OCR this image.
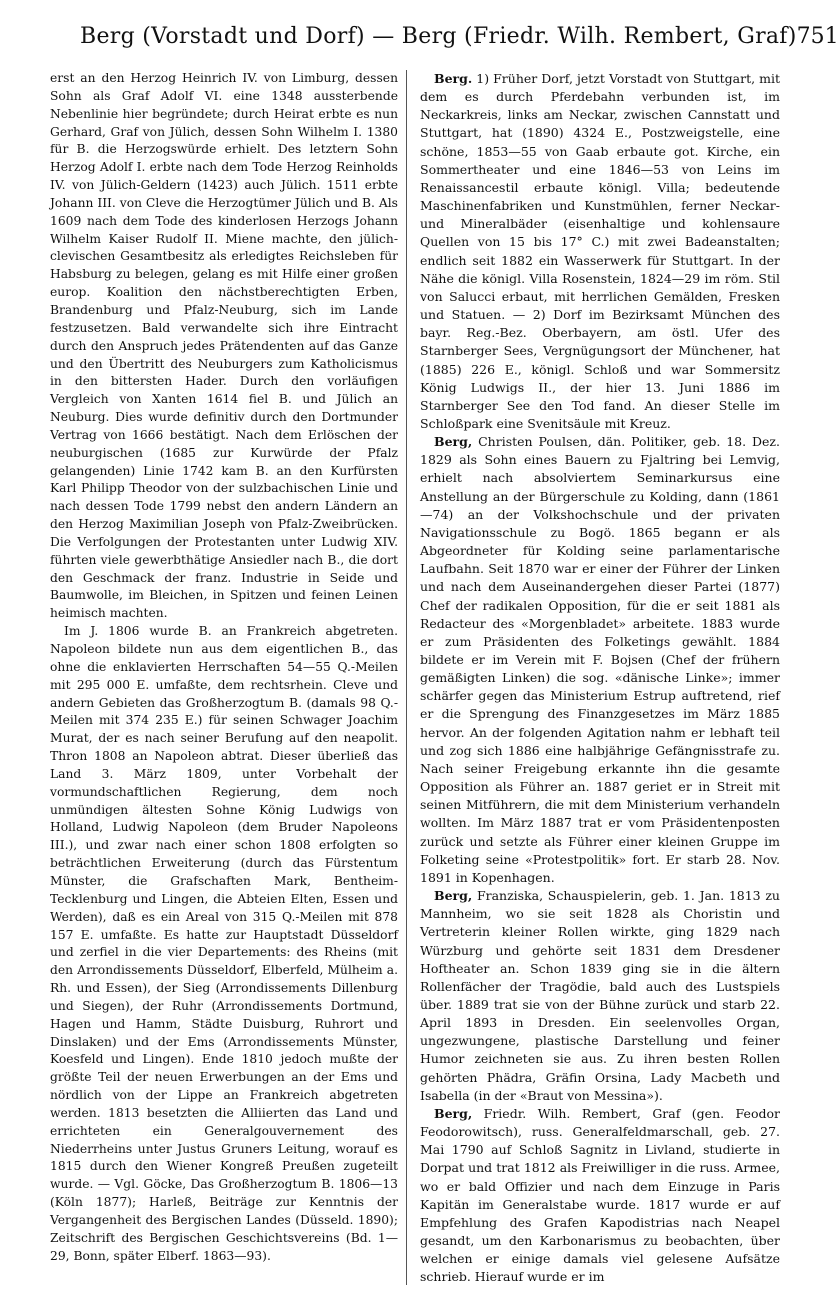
Berg (Vorstadt und Dorf) — Berg (Friedr. Wilh. Rembert, Graf) 751

erst an den Herzog Heinrich IV. von Limburg, dessen Sohn als Graf Adolf VI. eine 1348 aussterbende Nebenlinie hier begründete; durch Heirat erbte es nun Gerhard, Graf von Jülich, dessen Sohn Wilhelm I. 1380 für B. die Herzogswürde erhielt. Des letztern Sohn Herzog Adolf I. erbte nach dem Tode Herzog Reinholds IV. von Jülich-Geldern (1423) auch Jülich. 1511 erbte Johann III. von Cleve die Herzogtümer Jülich und B. Als 1609 nach dem Tode des kinderlosen Herzogs Johann Wilhelm Kaiser Rudolf II. Miene machte, den jülich-clevischen Gesamtbesitz als erledigtes Reichsleben für Habsburg zu belegen, gelang es mit Hilfe einer großen europ. Koalition den nächstberechtigten Erben, Brandenburg und Pfalz-Neuburg, sich im Lande festzusetzen. Bald verwandelte sich ihre Eintracht durch den Anspruch jedes Prätendenten auf das Ganze und den Übertritt des Neuburgers zum Katholicismus in den bittersten Hader. Durch den vorläufigen Vergleich von Xanten 1614 fiel B. und Jülich an Neuburg. Dies wurde definitiv durch den Dortmunder Vertrag von 1666 bestätigt. Nach dem Erlöschen der neuburgischen (1685 zur Kurwürde der Pfalz gelangenden) Linie 1742 kam B. an den Kurfürsten Karl Philipp Theodor von der sulzbachischen Linie und nach dessen Tode 1799 nebst den andern Ländern an den Herzog Maximilian Joseph von Pfalz-Zweibrücken. Die Verfolgungen der Protestanten unter Ludwig XIV. führten viele gewerbthätige Ansiedler nach B., die dort den Geschmack der franz. Industrie in Seide und Baumwolle, im Bleichen, in Spitzen und feinen Leinen heimisch machten.

Im J. 1806 wurde B. an Frankreich abgetreten. Napoleon bildete nun aus dem eigentlichen B., das ohne die enklavierten Herrschaften 54—55 Q.-Meilen mit 295 000 E. umfaßte, dem rechtsrhein. Cleve und andern Gebieten das Großherzogtum B. (damals 98 Q.-Meilen mit 374 235 E.) für seinen Schwager Joachim Murat, der es nach seiner Berufung auf den neapolit. Thron 1808 an Napoleon abtrat. Dieser überließ das Land 3. März 1809, unter Vorbehalt der vormundschaftlichen Regierung, dem noch unmündigen ältesten Sohne König Ludwigs von Holland, Ludwig Napoleon (dem Bruder Napoleons III.), und zwar nach einer schon 1808 erfolgten so beträchtlichen Erweiterung (durch das Fürstentum Münster, die Grafschaften Mark, Bentheim-Tecklenburg und Lingen, die Abteien Elten, Essen und Werden), daß es ein Areal von 315 Q.-Meilen mit 878 157 E. umfaßte. Es hatte zur Hauptstadt Düsseldorf und zerfiel in die vier Departements: des Rheins (mit den Arrondissements Düsseldorf, Elberfeld, Mülheim a. Rh. und Essen), der Sieg (Arrondissements Dillenburg und Siegen), der Ruhr (Arrondissements Dortmund, Hagen und Hamm, Städte Duisburg, Ruhrort und Dinslaken) und der Ems (Arrondissements Münster, Koesfeld und Lingen). Ende 1810 jedoch mußte der größte Teil der neuen Erwerbungen an der Ems und nördlich von der Lippe an Frankreich abgetreten werden. 1813 besetzten die Alliierten das Land und errichteten ein Generalgouvernement des Niederrheins unter Justus Gruners Leitung, worauf es 1815 durch den Wiener Kongreß Preußen zugeteilt wurde. — Vgl. Göcke, Das Großherzogtum B. 1806—13 (Köln 1877); Harleß, Beiträge zur Kenntnis der Vergangenheit des Bergischen Landes (Düsseld. 1890); Zeitschrift des Bergischen Geschichtsvereins (Bd. 1—29, Bonn, später Elberf. 1863—93).

Berg. 1) Früher Dorf, jetzt Vorstadt von Stuttgart, mit dem es durch Pferdebahn verbunden ist, im Neckarkreis, links am Neckar, zwischen Cannstatt und Stuttgart, hat (1890) 4324 E., Postzweigstelle, eine schöne, 1853—55 von Gaab erbaute got. Kirche, ein Sommertheater und eine 1846—53 von Leins im Renaissancestil erbaute königl. Villa; bedeutende Maschinenfabriken und Kunstmühlen, ferner Neckar- und Mineralbäder (eisenhaltige und kohlensaure Quellen von 15 bis 17° C.) mit zwei Badeanstalten; endlich seit 1882 ein Wasserwerk für Stuttgart. In der Nähe die königl. Villa Rosenstein, 1824—29 im röm. Stil von Salucci erbaut, mit herrlichen Gemälden, Fresken und Statuen. — 2) Dorf im Bezirksamt München des bayr. Reg.-Bez. Oberbayern, am östl. Ufer des Starnberger Sees, Vergnügungsort der Münchener, hat (1885) 226 E., königl. Schloß und war Sommersitz König Ludwigs II., der hier 13. Juni 1886 im Starnberger See den Tod fand. An dieser Stelle im Schloßpark eine Svenitsäule mit Kreuz.

Berg, Christen Poulsen, dän. Politiker, geb. 18. Dez. 1829 als Sohn eines Bauern zu Fjaltring bei Lemvig, erhielt nach absolviertem Seminarkursus eine Anstellung an der Bürgerschule zu Kolding, dann (1861—74) an der Volkshochschule und der privaten Navigationsschule zu Bogö. 1865 begann er als Abgeordneter für Kolding seine parlamentarische Laufbahn. Seit 1870 war er einer der Führer der Linken und nach dem Auseinandergehen dieser Partei (1877) Chef der radikalen Opposition, für die er seit 1881 als Redacteur des «Morgenbladet» arbeitete. 1883 wurde er zum Präsidenten des Folketings gewählt. 1884 bildete er im Verein mit F. Bojsen (Chef der frühern gemäßigten Linken) die sog. «dänische Linke»; immer schärfer gegen das Ministerium Estrup auftretend, rief er die Sprengung des Finanzgesetzes im März 1885 hervor. An der folgenden Agitation nahm er lebhaft teil und zog sich 1886 eine halbjährige Gefängnisstrafe zu. Nach seiner Freigebung erkannte ihn die gesamte Opposition als Führer an. 1887 geriet er in Streit mit seinen Mitführern, die mit dem Ministerium verhandeln wollten. Im März 1887 trat er vom Präsidentenposten zurück und setzte als Führer einer kleinen Gruppe im Folketing seine «Protestpolitik» fort. Er starb 28. Nov. 1891 in Kopenhagen.

Berg, Franziska, Schauspielerin, geb. 1. Jan. 1813 zu Mannheim, wo sie seit 1828 als Choristin und Vertreterin kleiner Rollen wirkte, ging 1829 nach Würzburg und gehörte seit 1831 dem Dresdener Hoftheater an. Schon 1839 ging sie in die ältern Rollenfächer der Tragödie, bald auch des Lustspiels über. 1889 trat sie von der Bühne zurück und starb 22. April 1893 in Dresden. Ein seelenvolles Organ, ungezwungene, plastische Darstellung und feiner Humor zeichneten sie aus. Zu ihren besten Rollen gehörten Phädra, Gräfin Orsina, Lady Macbeth und Isabella (in der «Braut von Messina»).

Berg, Friedr. Wilh. Rembert, Graf (gen. Feodor Feodorowitsch), russ. Generalfeldmarschall, geb. 27. Mai 1790 auf Schloß Sagnitz in Livland, studierte in Dorpat und trat 1812 als Freiwilliger in die russ. Armee, wo er bald Offizier und nach dem Einzuge in Paris Kapitän im Generalstabe wurde. 1817 wurde er auf Empfehlung des Grafen Kapodistrias nach Neapel gesandt, um den Karbonarismus zu beobachten, über welchen er einige damals viel gelesene Aufsätze schrieb. Hierauf wurde er im
